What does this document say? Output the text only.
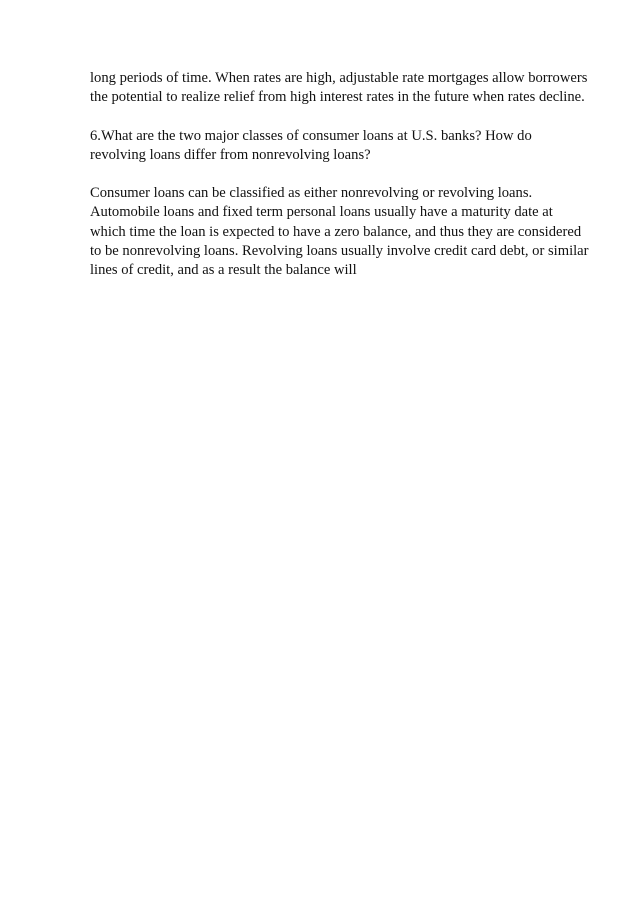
long periods of time. When rates are high, adjustable rate mortgages allow borrowers
the potential to realize relief from high interest rates in the future when rates decline.

6.What are the two major classes of consumer loans at U.S. banks? How do
revolving loans differ from nonrevolving loans?

Consumer loans can be classified as either nonrevolving or revolving loans.
Automobile loans and fixed term personal loans usually have a maturity date at
which time the loan is expected to have a zero balance, and thus they are considered
to be nonrevolving loans. Revolving loans usually involve credit card debt, or similar
lines of credit, and as a result the balance will
